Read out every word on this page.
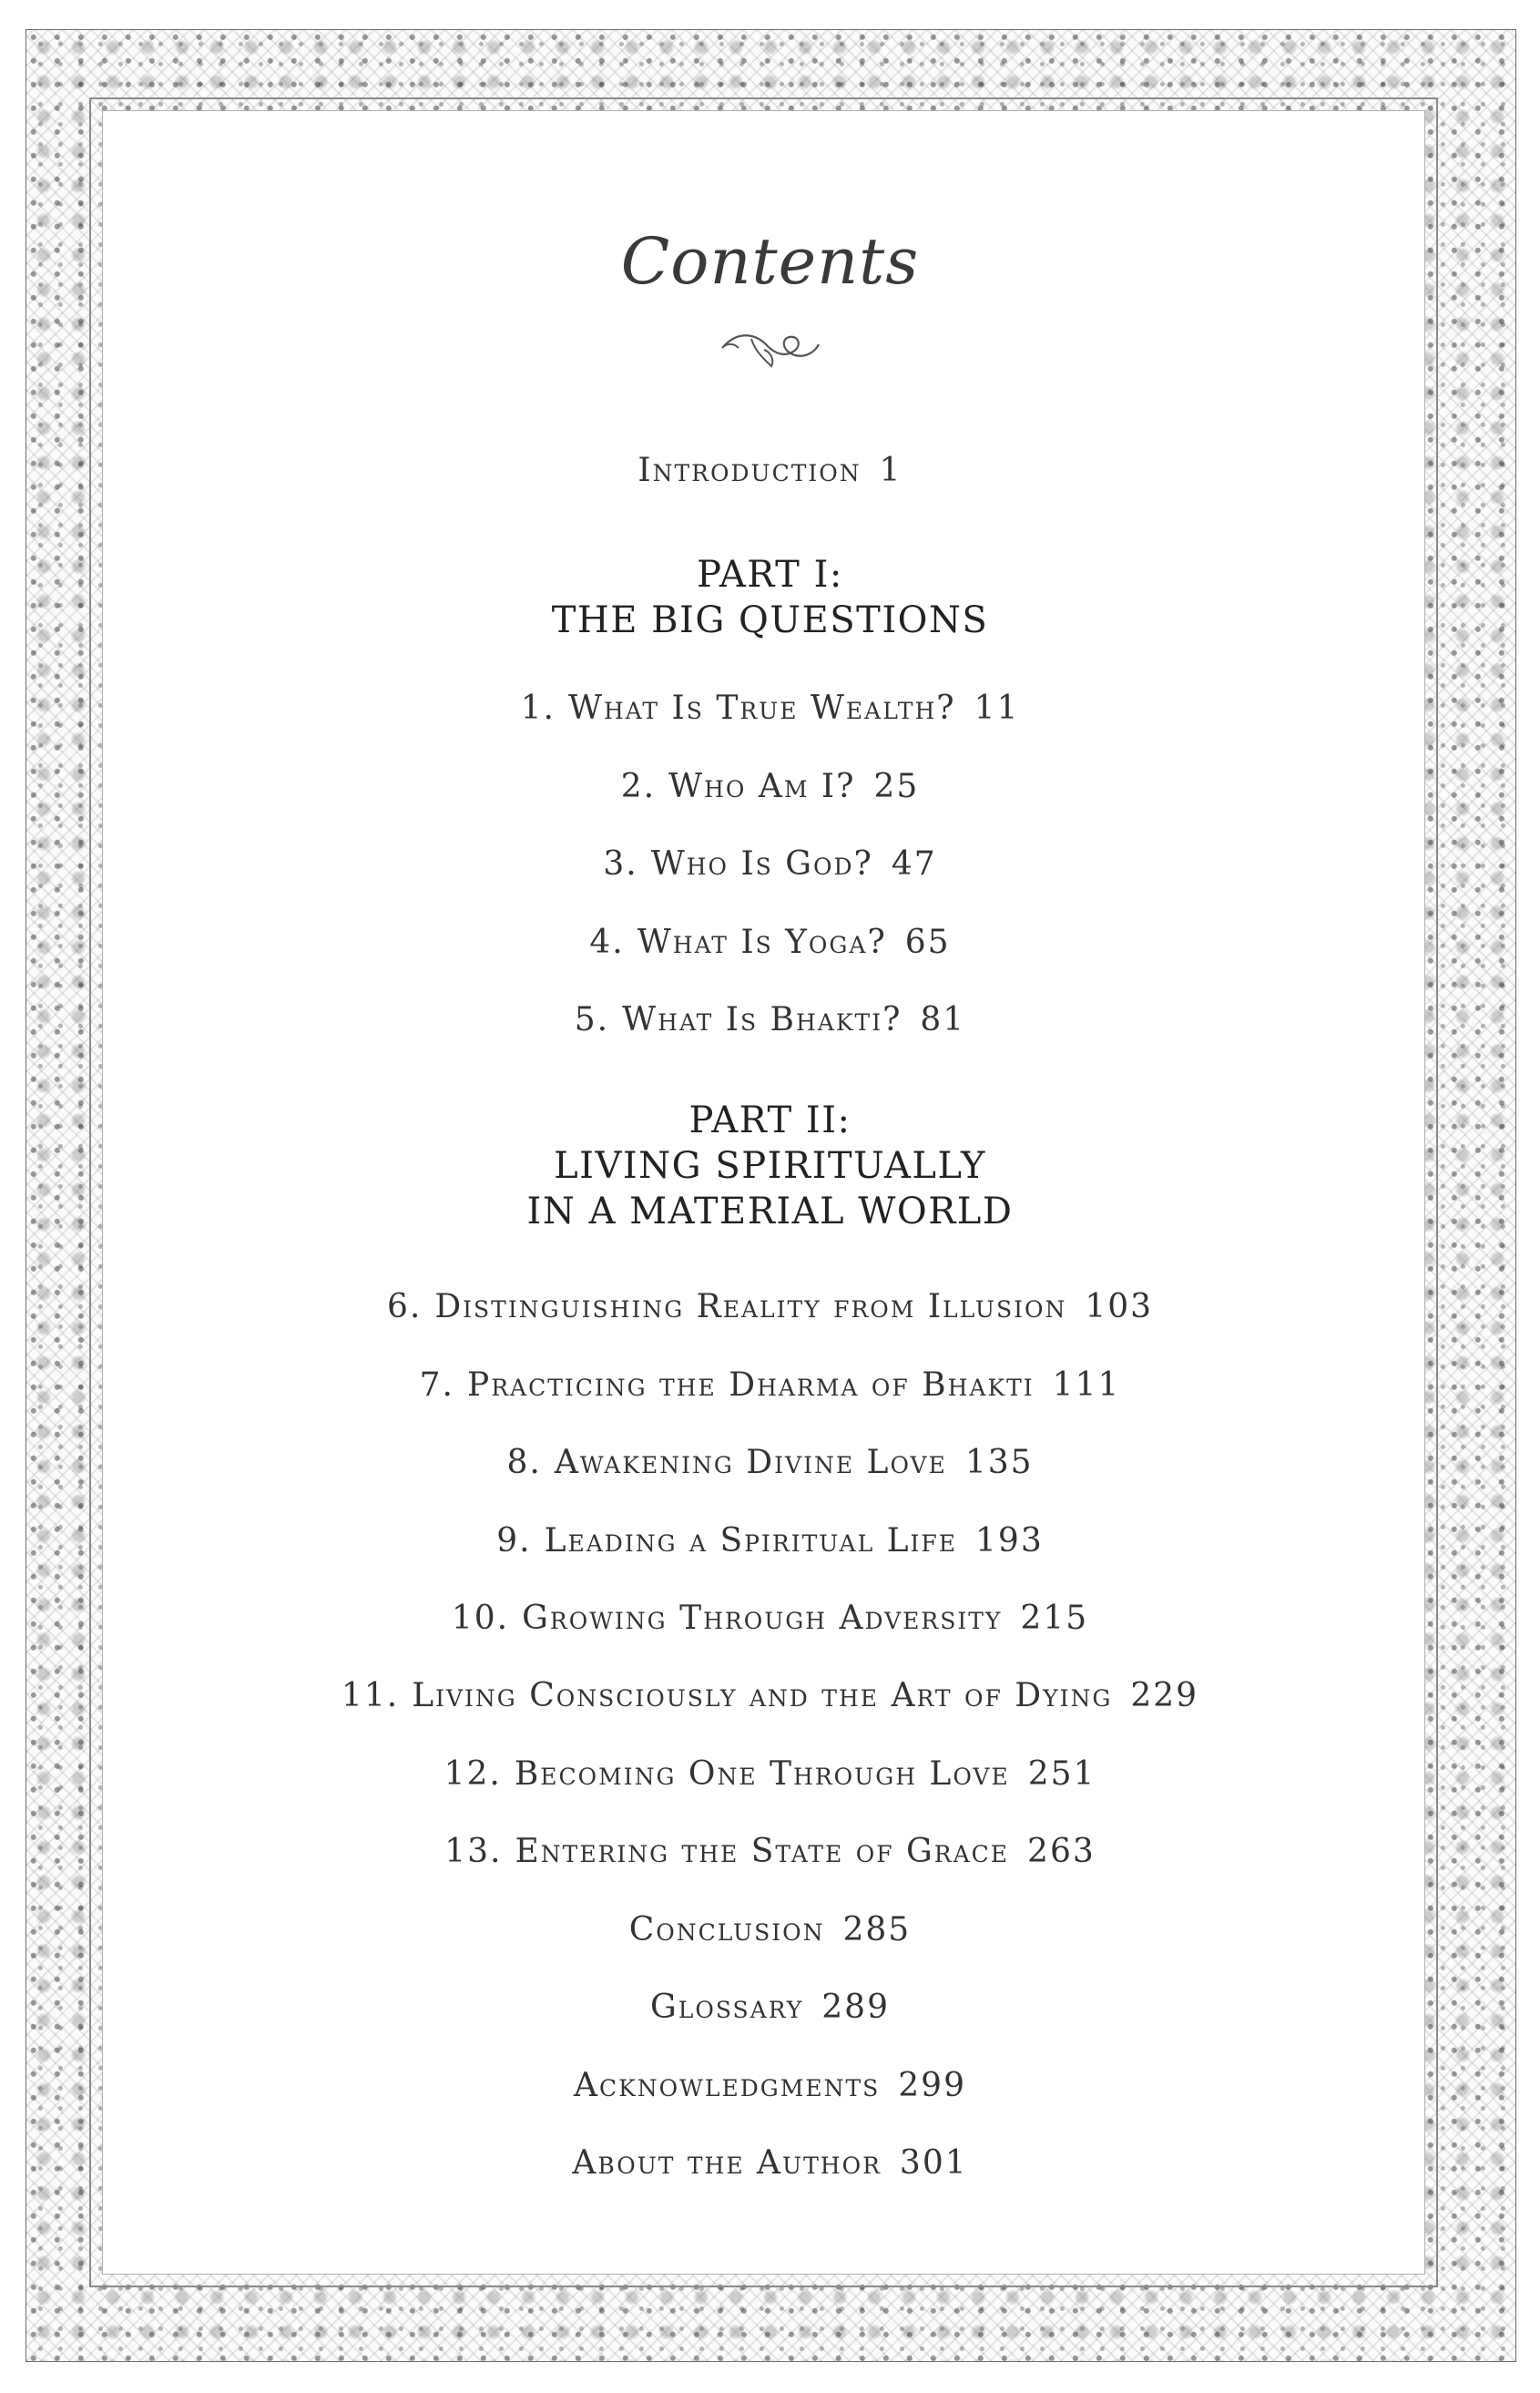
Contents
Introduction 1
PART I:
THE BIG QUESTIONS
1. What Is True Wealth? 11
2. Who Am I? 25
3. Who Is God? 47
4. What Is Yoga? 65
5. What Is Bhakti? 81
PART II:
LIVING SPIRITUALLY
IN A MATERIAL WORLD
6. Distinguishing Reality from Illusion 103
7. Practicing the Dharma of Bhakti 111
8. Awakening Divine Love 135
9. Leading a Spiritual Life 193
10. Growing Through Adversity 215
11. Living Consciously and the Art of Dying 229
12. Becoming One Through Love 251
13. Entering the State of Grace 263
Conclusion 285
Glossary 289
Acknowledgments 299
About the Author 301
